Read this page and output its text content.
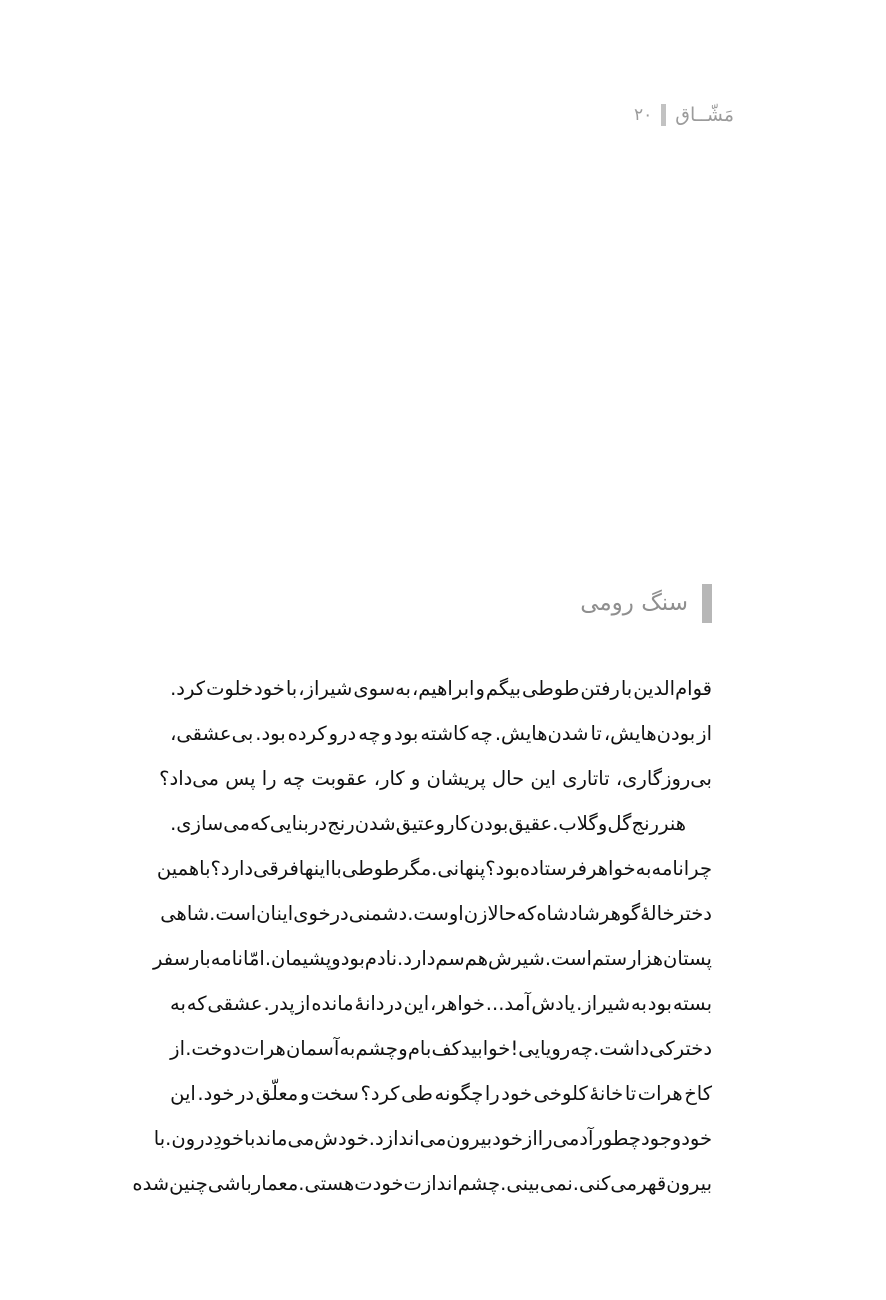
مَشّــاق
۲۰
سنگ رومی
قوام‌الدین
با
رفتن
طوطی
بیگم
و
ابراهیم،
به‌سوی
شیراز،
با
خود
خلوت
کرد.
از
بودن‌هایش،
تا
شدن‌هایش.
چه
کاشته
بود
و
چه
درو
کرده
بود.
بی‌عشقی،
بی‌روزگاری، تاتاری این حال پریشان و کار، عقوبت چه را پس می‌داد؟
هنر
رنج
گل
و
گلاب.
عقیق
بودن
کار
و
عتیق
شدن
رنج
در
بنایی
که
می‌سازی.
چرا
نامه
به
خواهر
فرستاده
بود؟
پنهانی.
مگر
طوطی
با
اینها
فرقی
دارد؟
با
همین
دخترخالهٔ
گوهرشاد
شاه
که
حالا
زن
اوست.
دشمنی
در
خوی
اینان
است.
شاهی
پستان
هزار
ستم
است.
شیرش
هم
سم
دارد.
نادم
بود
و
پشیمان.
امّا
نامه
بار
سفر
بسته
بود
به
شیراز.
یادش
آمد...
خواهر،
این
دردانهٔ
مانده
از
پدر.
عشقی
که
به
دخترکی
داشت.
چه
رویایی!
خوابید
کف
بام
و
چشم
به
آسمان
هرات
دوخت.
از
کاخ
هرات
تا
خانهٔ
کلوخی
خود
را
چگونه
طی
کرد؟
سخت
و
معلّق
در
خود.
این
خود
وجود
چطور
آدمی
را
از
خود
بیرون
می‌اندازد.
خودش
می‌ماند
با
خودِ
درون.
با
بیرون
قهر
می‌کنی.
نمی‌بینی.
چشم‌اندازت
خودت
هستی.
معمارباشی
چنین
شده
